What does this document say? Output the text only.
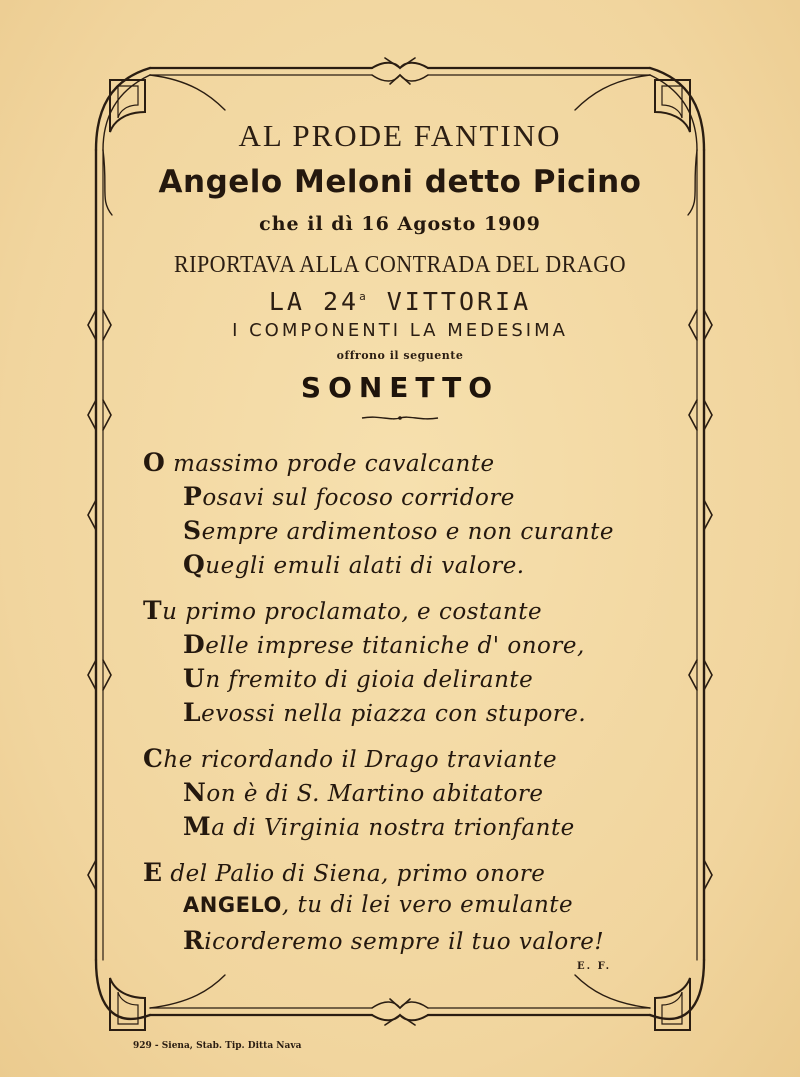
AL PRODE FANTINO
Angelo Meloni detto Picino
che il dì 16 Agosto 1909
RIPORTAVA ALLA CONTRADA DEL DRAGO
LA 24$^a$ VITTORIA
I COMPONENTI LA MEDESIMA
offrono il seguente
SONETTO
O massimo prode cavalcante
Posavi sul focoso corridore
Sempre ardimentoso e non curante
Quegli emuli alati di valore.
Tu primo proclamato, e costante
Delle imprese titaniche d' onore,
Un fremito di gioia delirante
Levossi nella piazza con stupore.
Che ricordando il Drago traviante
Non è di S. Martino abitatore
Ma di Virginia nostra trionfante
E del Palio di Siena, primo onore
ANGELO, tu di lei vero emulante
Ricorderemo sempre il tuo valore!
E. F.
929 - Siena, Stab. Tip. Ditta Nava
